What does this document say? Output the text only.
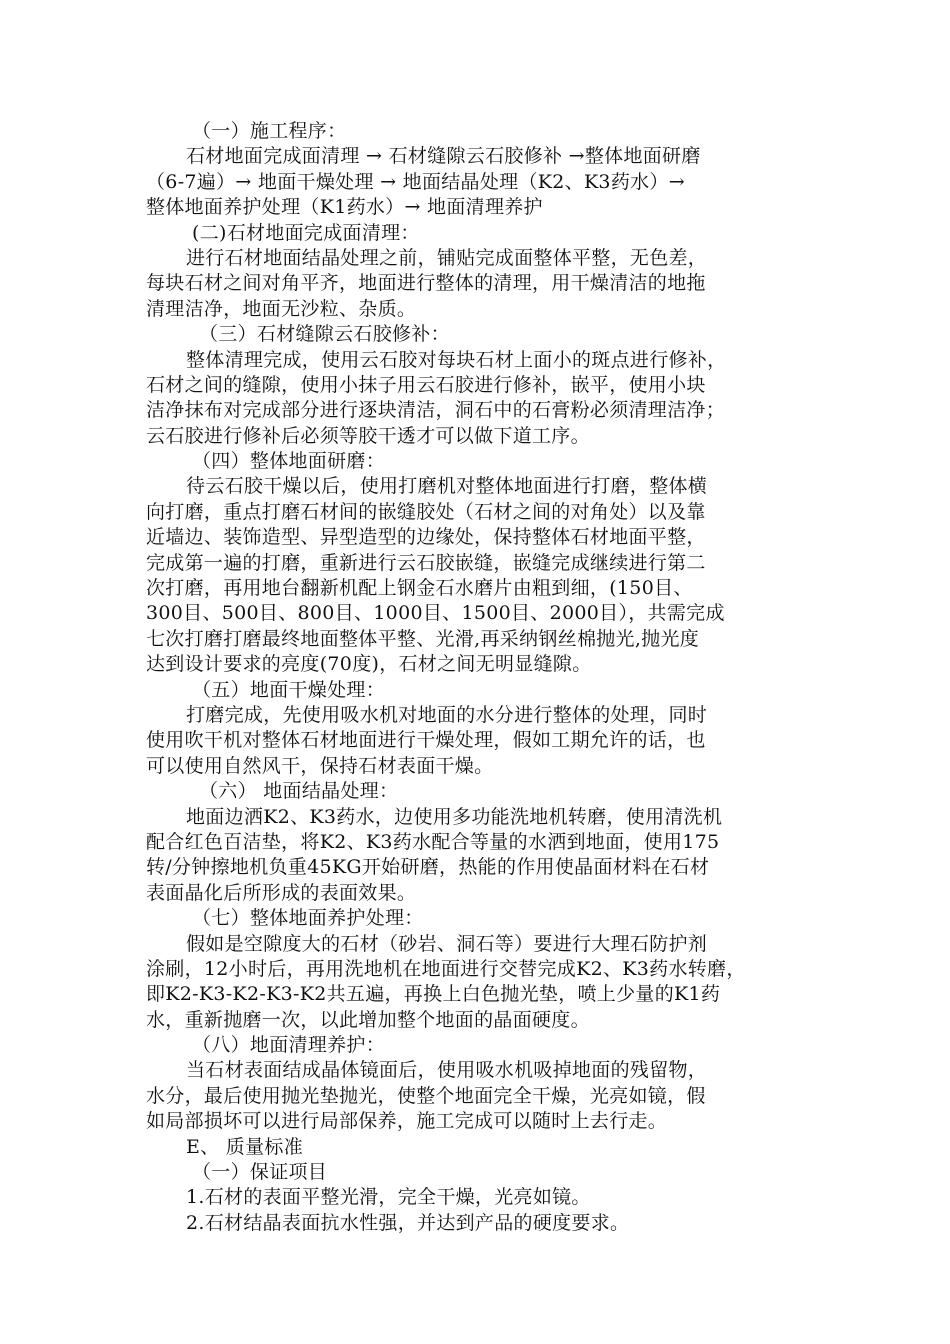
（一）施工程序：
石材地面完成面清理 → 石材缝隙云石胶修补 →整体地面研磨
（6-7遍）→ 地面干燥处理 → 地面结晶处理（K2、K3药水）→
整体地面养护处理（K1药水）→ 地面清理养护
(二)石材地面完成面清理：
进行石材地面结晶处理之前，铺贴完成面整体平整，无色差，
每块石材之间对角平齐，地面进行整体的清理，用干燥清洁的地拖
清理洁净，地面无沙粒、杂质。
（三）石材缝隙云石胶修补：
整体清理完成，使用云石胶对每块石材上面小的斑点进行修补，
石材之间的缝隙，使用小抹子用云石胶进行修补，嵌平，使用小块
洁净抹布对完成部分进行逐块清洁，洞石中的石膏粉必须清理洁净；
云石胶进行修补后必须等胶干透才可以做下道工序。
（四）整体地面研磨：
待云石胶干燥以后，使用打磨机对整体地面进行打磨，整体横
向打磨，重点打磨石材间的嵌缝胶处（石材之间的对角处）以及靠
近墙边、装饰造型、异型造型的边缘处，保持整体石材地面平整，
完成第一遍的打磨，重新进行云石胶嵌缝，嵌缝完成继续进行第二
次打磨，再用地台翻新机配上钢金石水磨片由粗到细，(150目、
300目、500目、800目、1000目、1500目、2000目），共需完成
七次打磨打磨最终地面整体平整、光滑,再采纳钢丝棉抛光,抛光度
达到设计要求的亮度(70度)，石材之间无明显缝隙。
（五）地面干燥处理：
打磨完成，先使用吸水机对地面的水分进行整体的处理，同时
使用吹干机对整体石材地面进行干燥处理，假如工期允许的话，也
可以使用自然风干，保持石材表面干燥。
（六） 地面结晶处理：
地面边洒K2、K3药水，边使用多功能洗地机转磨，使用清洗机
配合红色百洁垫，将K2、K3药水配合等量的水洒到地面，使用175
转/分钟擦地机负重45KG开始研磨，热能的作用使晶面材料在石材
表面晶化后所形成的表面效果。
（七）整体地面养护处理：
假如是空隙度大的石材（砂岩、洞石等）要进行大理石防护剂
涂刷，12小时后，再用洗地机在地面进行交替完成K2、K3药水转磨，
即K2-K3-K2-K3-K2共五遍，再换上白色抛光垫，喷上少量的K1药
水，重新抛磨一次，以此增加整个地面的晶面硬度。
（八）地面清理养护：
当石材表面结成晶体镜面后，使用吸水机吸掉地面的残留物，
水分，最后使用抛光垫抛光，使整个地面完全干燥，光亮如镜，假
如局部损坏可以进行局部保养，施工完成可以随时上去行走。
E、 质量标准
（一）保证项目
1.石材的表面平整光滑，完全干燥，光亮如镜。
2.石材结晶表面抗水性强，并达到产品的硬度要求。
